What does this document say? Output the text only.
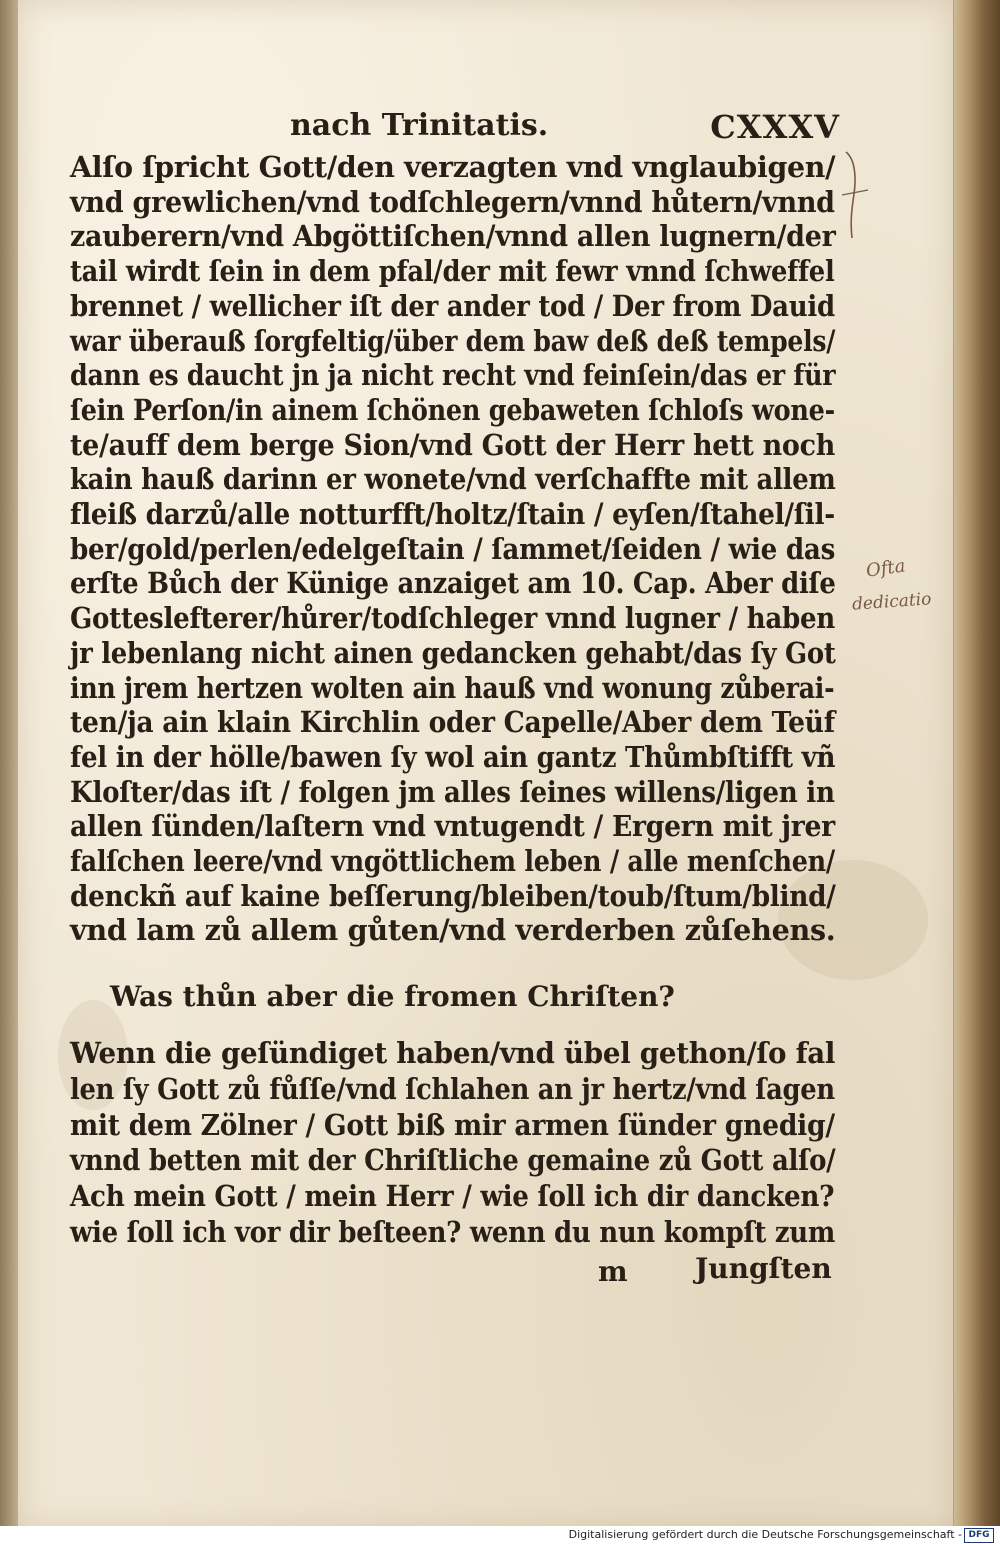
nach Trinitatis.	CXXXV
Alſo ſpricht Gott/den verzagten vnd vnglaubigen/
vnd grewlichen/vnd todſchlegern/vnnd hůtern/vnnd
zauberern/vnd Abgöttiſchen/vnnd allen lugnern/der
tail wirdt ſein in dem pfal/der mit fewr vnnd ſchweffel
brennet / wellicher iſt der ander tod / Der from Dauid
war überauß ſorgfeltig/über dem baw deß deß tempels/
dann es daucht jn ja nicht recht vnd feinſein/das er für
ſein Perſon/in ainem ſchönen gebaweten ſchloſs wone-
te/auff dem berge Sion/vnd Gott der Herr hett noch
kain hauß darinn er wonete/vnd verſchaffte mit allem
fleiß darzů/alle notturfft/holtz/ſtain / eyſen/ſtahel/ſil-
ber/gold/perlen/edelgeſtain / ſammet/ſeiden / wie das
erſte Bůch der Künige anzaiget am 10. Cap. Aber diſe
Gotteslefterer/hůrer/todſchleger vnnd lugner / haben
jr lebenlang nicht ainen gedancken gehabt/das ſy Got
inn jrem hertzen wolten ain hauß vnd wonung zůberai-
ten/ja ain klain Kirchlin oder Capelle/Aber dem Teüf
fel in der hölle/bawen ſy wol ain gantz Thůmbſtifft vñ
Kloſter/das iſt / folgen jm alles ſeines willens/ligen in
allen ſünden/laſtern vnd vntugendt / Ergern mit jrer
falſchen leere/vnd vngöttlichem leben / alle menſchen/
denckñ auf kaine beſſerung/bleiben/toub/ſtum/blind/
vnd lam zů allem gůten/vnd verderben zůſehens.
Was thůn aber die fromen Chriſten?
Wenn die geſündiget haben/vnd übel gethon/ſo fal
len ſy Gott zů fůſſe/vnd ſchlahen an jr hertz/vnd ſagen
mit dem Zölner / Gott biß mir armen ſünder gnedig/
vnnd betten mit der Chriſtliche gemaine zů Gott alſo/
Ach mein Gott / mein Herr / wie ſoll ich dir dancken?
wie ſoll ich vor dir beſteen? wenn du nun kompſt zum
m Jungſten
Ofta
dedicatio
Digitalisierung gefördert durch die Deutsche Forschungsgemeinschaft - DFG
